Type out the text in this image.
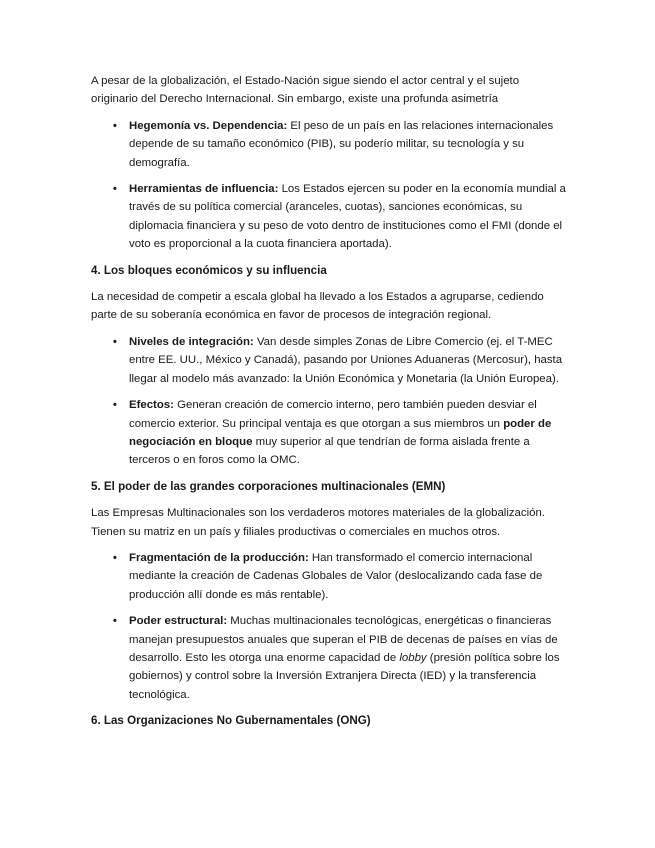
A pesar de la globalización, el Estado-Nación sigue siendo el actor central y el sujeto originario del Derecho Internacional. Sin embargo, existe una profunda asimetría

• Hegemonía vs. Dependencia: El peso de un país en las relaciones internacionales depende de su tamaño económico (PIB), su poderío militar, su tecnología y su demografía.
• Herramientas de influencia: Los Estados ejercen su poder en la economía mundial a través de su política comercial (aranceles, cuotas), sanciones económicas, su diplomacia financiera y su peso de voto dentro de instituciones como el FMI (donde el voto es proporcional a la cuota financiera aportada).
4. Los bloques económicos y su influencia

La necesidad de competir a escala global ha llevado a los Estados a agruparse, cediendo parte de su soberanía económica en favor de procesos de integración regional.

• Niveles de integración: Van desde simples Zonas de Libre Comercio (ej. el T-MEC entre EE. UU., México y Canadá), pasando por Uniones Aduaneras (Mercosur), hasta llegar al modelo más avanzado: la Unión Económica y Monetaria (la Unión Europea).
• Efectos: Generan creación de comercio interno, pero también pueden desviar el comercio exterior. Su principal ventaja es que otorgan a sus miembros un poder de negociación en bloque muy superior al que tendrían de forma aislada frente a terceros o en foros como la OMC.
5. El poder de las grandes corporaciones multinacionales (EMN)

Las Empresas Multinacionales son los verdaderos motores materiales de la globalización. Tienen su matriz en un país y filiales productivas o comerciales en muchos otros.

• Fragmentación de la producción: Han transformado el comercio internacional mediante la creación de Cadenas Globales de Valor (deslocalizando cada fase de producción allí donde es más rentable).
• Poder estructural: Muchas multinacionales tecnológicas, energéticas o financieras manejan presupuestos anuales que superan el PIB de decenas de países en vías de desarrollo. Esto les otorga una enorme capacidad de lobby (presión política sobre los gobiernos) y control sobre la Inversión Extranjera Directa (IED) y la transferencia tecnológica.
6. Las Organizaciones No Gubernamentales (ONG)
